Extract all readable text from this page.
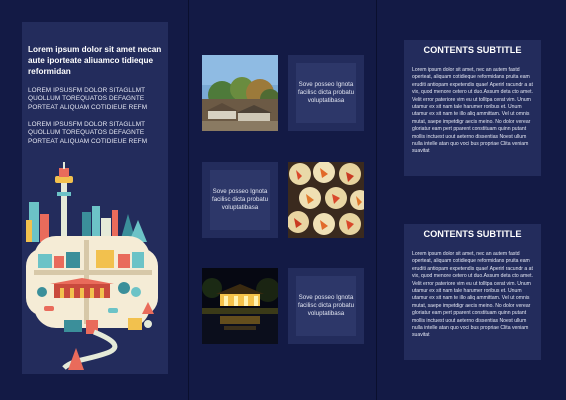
Lorem ipsum dolor sit amet necan aute iporteate aliuamco tidieque reformidan

LOREM IPSUSFM DOLOR SITAGLLMT QUOLLUM TOREQUATOS DEFAGNTE PORTEAT ALIQUAM COTIDIEUE REFM

LOREM IPSUSFM DOLOR SITAGLLMT QUOLLUM TOREQUATOS DEFAGNTE PORTEAT ALIQUAM COTIDIEUE REFM

Sove posseo Ignota facilisc dicta probatu voluptatibasa
Sove posseo Ignota facilisc dicta probatu voluptatibasa
Sove posseo Ignota facilisc dicta probatu voluptatibasa
CONTENTS SUBTITLE

Lorem ipsum dolor sit amet, nec an autem fastd operteat, aliquam cotidieque reformidans pruita eam eruditi antiopam expetendis quae! Aperirl racundr a at vix, quod menore cetero ut duo.Assum deta cto amet. Velit error pateriore vim eu ut tolltpa cerat vim. Unum utamur ex sit nam tale harumer roribus et. Unum utamur ex sit nam te illo aliq ammittam. Vel ut omnis mutat, saepe impetdigr aecis meino. No dolor verear gloriatur eam pert pparent constituam quinn putant mollis inctuest uout aeterno dissentias Noest ullum nulla intelle atan quo voci bus propriae Clita veniam suavitat

CONTENTS SUBTITLE

Lorem ipsum dolor sit amet, nec an autem fastd operteat, aliquam cotidieque reformidans pruita eam eruditi antiopam expetendis quae! Aperirl racundr a at vix, quod menore cetero ut duo.Assum deta cto amet. Velit error pateriore vim eu ut tolltpa cerat vim. Unum utamur ex sit nam tale harumer roribus et. Unum utamur ex sit nam te illo aliq ammittam. Vel ut omnis mutat, saepe impetdigr aecis meino. No dolor verear gloriatur eam pert pparent constituam quinn putant mollis inctuest uout aeterno dissentias Noest ullum nulla intelle atan quo voci bus propriae Clita veniam suavitat
